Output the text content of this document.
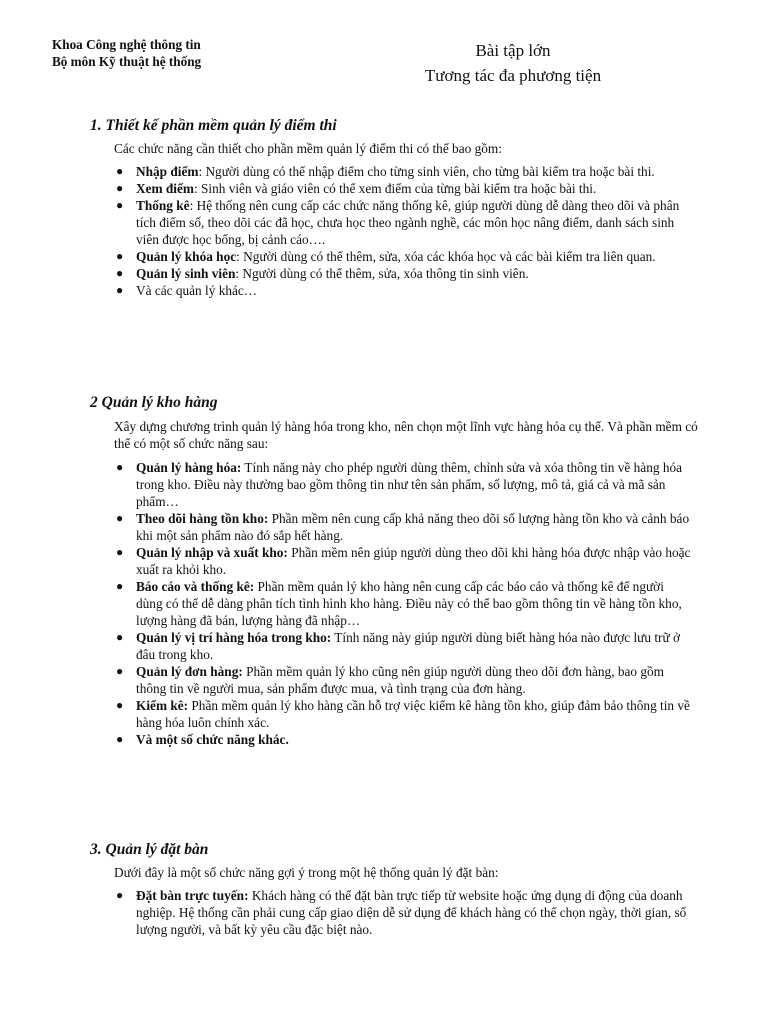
Khoa Công nghệ thông tin
Bộ môn Kỹ thuật hệ thống
Bài tập lớn
Tương tác đa phương tiện
1. Thiết kế phần mềm quản lý điểm thi

Các chức năng cần thiết cho phần mềm quản lý điểm thi có thể bao gồm:

● Nhập điểm: Người dùng có thể nhập điểm cho từng sinh viên, cho từng bài kiểm tra hoặc bài thi.
● Xem điểm: Sinh viên và giáo viên có thể xem điểm của từng bài kiểm tra hoặc bài thi.
● Thống kê: Hệ thống nên cung cấp các chức năng thống kê, giúp người dùng dễ dàng theo dõi và phân tích điểm số, theo dõi các đã học, chưa học theo ngành nghề, các môn học nâng điểm, danh sách sinh viên được học bổng, bị cảnh cáo….
● Quản lý khóa học: Người dùng có thể thêm, sửa, xóa các khóa học và các bài kiểm tra liên quan.
● Quản lý sinh viên: Người dùng có thể thêm, sửa, xóa thông tin sinh viên.
● Và các quản lý khác…
2 Quản lý kho hàng

Xây dựng chương trình quản lý hàng hóa trong kho, nên chọn một lĩnh vực hàng hóa cụ thể. Và phần mềm có thể có một số chức năng sau:

● Quản lý hàng hóa: Tính năng này cho phép người dùng thêm, chỉnh sửa và xóa thông tin về hàng hóa trong kho. Điều này thường bao gồm thông tin như tên sản phẩm, số lượng, mô tả, giá cả và mã sản phẩm…
● Theo dõi hàng tồn kho: Phần mềm nên cung cấp khả năng theo dõi số lượng hàng tồn kho và cảnh báo khi một sản phẩm nào đó sắp hết hàng.
● Quản lý nhập và xuất kho: Phần mềm nên giúp người dùng theo dõi khi hàng hóa được nhập vào hoặc xuất ra khỏi kho.
● Báo cáo và thống kê: Phần mềm quản lý kho hàng nên cung cấp các báo cáo và thống kê để người dùng có thể dễ dàng phân tích tình hình kho hàng. Điều này có thể bao gồm thông tin về hàng tồn kho, lượng hàng đã bán, lượng hàng đã nhập…
● Quản lý vị trí hàng hóa trong kho: Tính năng này giúp người dùng biết hàng hóa nào được lưu trữ ở đâu trong kho.
● Quản lý đơn hàng: Phần mềm quản lý kho cũng nên giúp người dùng theo dõi đơn hàng, bao gồm thông tin về người mua, sản phẩm được mua, và tình trạng của đơn hàng.
● Kiểm kê: Phần mềm quản lý kho hàng cần hỗ trợ việc kiểm kê hàng tồn kho, giúp đảm bảo thông tin về hàng hóa luôn chính xác.
● Và một số chức năng khác.
3. Quản lý đặt bàn

Dưới đây là một số chức năng gợi ý trong một hệ thống quản lý đặt bàn:

● Đặt bàn trực tuyến: Khách hàng có thể đặt bàn trực tiếp từ website hoặc ứng dụng di động của doanh nghiệp. Hệ thống cần phải cung cấp giao diện dễ sử dụng để khách hàng có thể chọn ngày, thời gian, số lượng người, và bất kỳ yêu cầu đặc biệt nào.
